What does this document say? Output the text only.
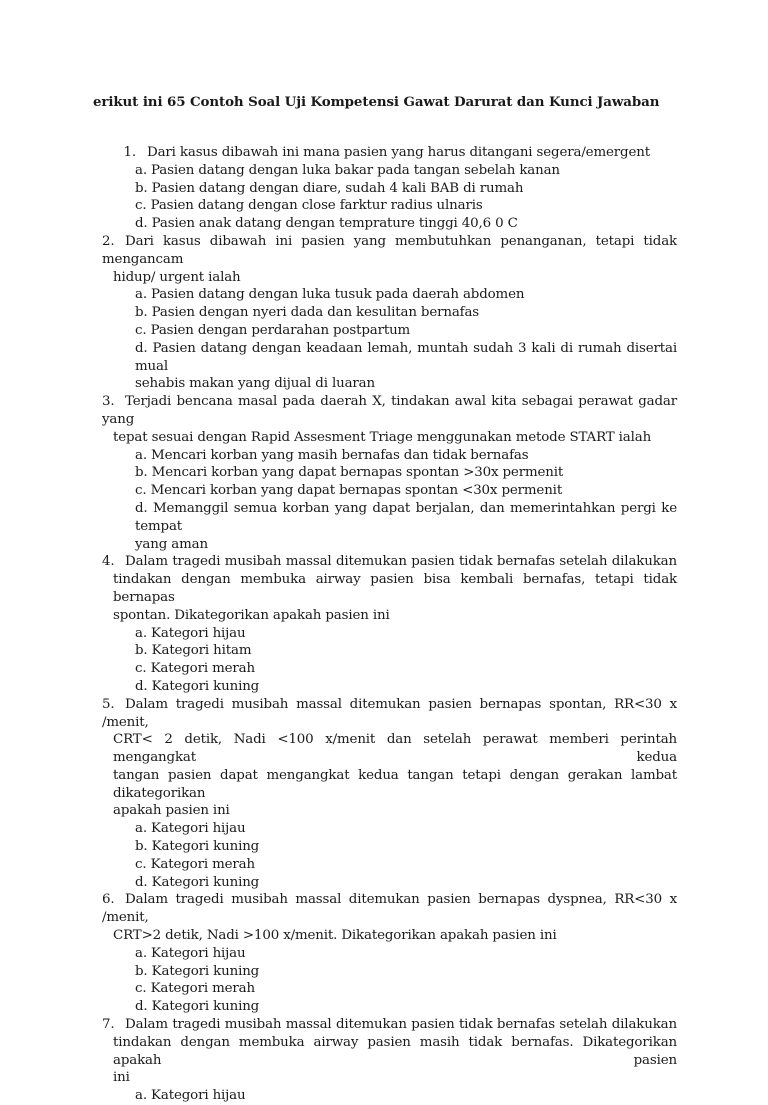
erikut ini 65 Contoh Soal Uji Kompetensi Gawat Darurat dan Kunci Jawaban
1. Dari kasus dibawah ini mana pasien yang harus ditangani segera/emergent
a. Pasien datang dengan luka bakar pada tangan sebelah kanan
b. Pasien datang dengan diare, sudah 4 kali BAB di rumah
c. Pasien datang dengan close farktur radius ulnaris
d. Pasien anak datang dengan temprature tinggi 40,6 0 C
2. Dari kasus dibawah ini pasien yang membutuhkan penanganan, tetapi tidak mengancam
hidup/ urgent ialah
a. Pasien datang dengan luka tusuk pada daerah abdomen
b. Pasien dengan nyeri dada dan kesulitan bernafas
c. Pasien dengan perdarahan postpartum
d. Pasien datang dengan keadaan lemah, muntah sudah 3 kali di rumah disertai mual
sehabis makan yang dijual di luaran
3. Terjadi bencana masal pada daerah X, tindakan awal kita sebagai perawat gadar yang
tepat sesuai dengan Rapid Assesment Triage menggunakan metode START ialah
a. Mencari korban yang masih bernafas dan tidak bernafas
b. Mencari korban yang dapat bernapas spontan >30x permenit
c. Mencari korban yang dapat bernapas spontan <30x permenit
d. Memanggil semua korban yang dapat berjalan, dan memerintahkan pergi ke tempat
yang aman
4. Dalam tragedi musibah massal ditemukan pasien tidak bernafas setelah dilakukan
tindakan dengan membuka airway pasien bisa kembali bernafas, tetapi tidak bernapas
spontan. Dikategorikan apakah pasien ini
a. Kategori hijau
b. Kategori hitam
c. Kategori merah
d. Kategori kuning
5. Dalam tragedi musibah massal ditemukan pasien bernapas spontan, RR<30 x /menit,
CRT< 2 detik, Nadi <100 x/menit dan setelah perawat memberi perintah mengangkat kedua
tangan pasien dapat mengangkat kedua tangan tetapi dengan gerakan lambat dikategorikan
apakah pasien ini
a. Kategori hijau
b. Kategori kuning
c. Kategori merah
d. Kategori kuning
6. Dalam tragedi musibah massal ditemukan pasien bernapas dyspnea, RR<30 x /menit,
CRT>2 detik, Nadi >100 x/menit. Dikategorikan apakah pasien ini
a. Kategori hijau
b. Kategori kuning
c. Kategori merah
d. Kategori kuning
7. Dalam tragedi musibah massal ditemukan pasien tidak bernafas setelah dilakukan
tindakan dengan membuka airway pasien masih tidak bernafas. Dikategorikan apakah pasien
ini
a. Kategori hijau
